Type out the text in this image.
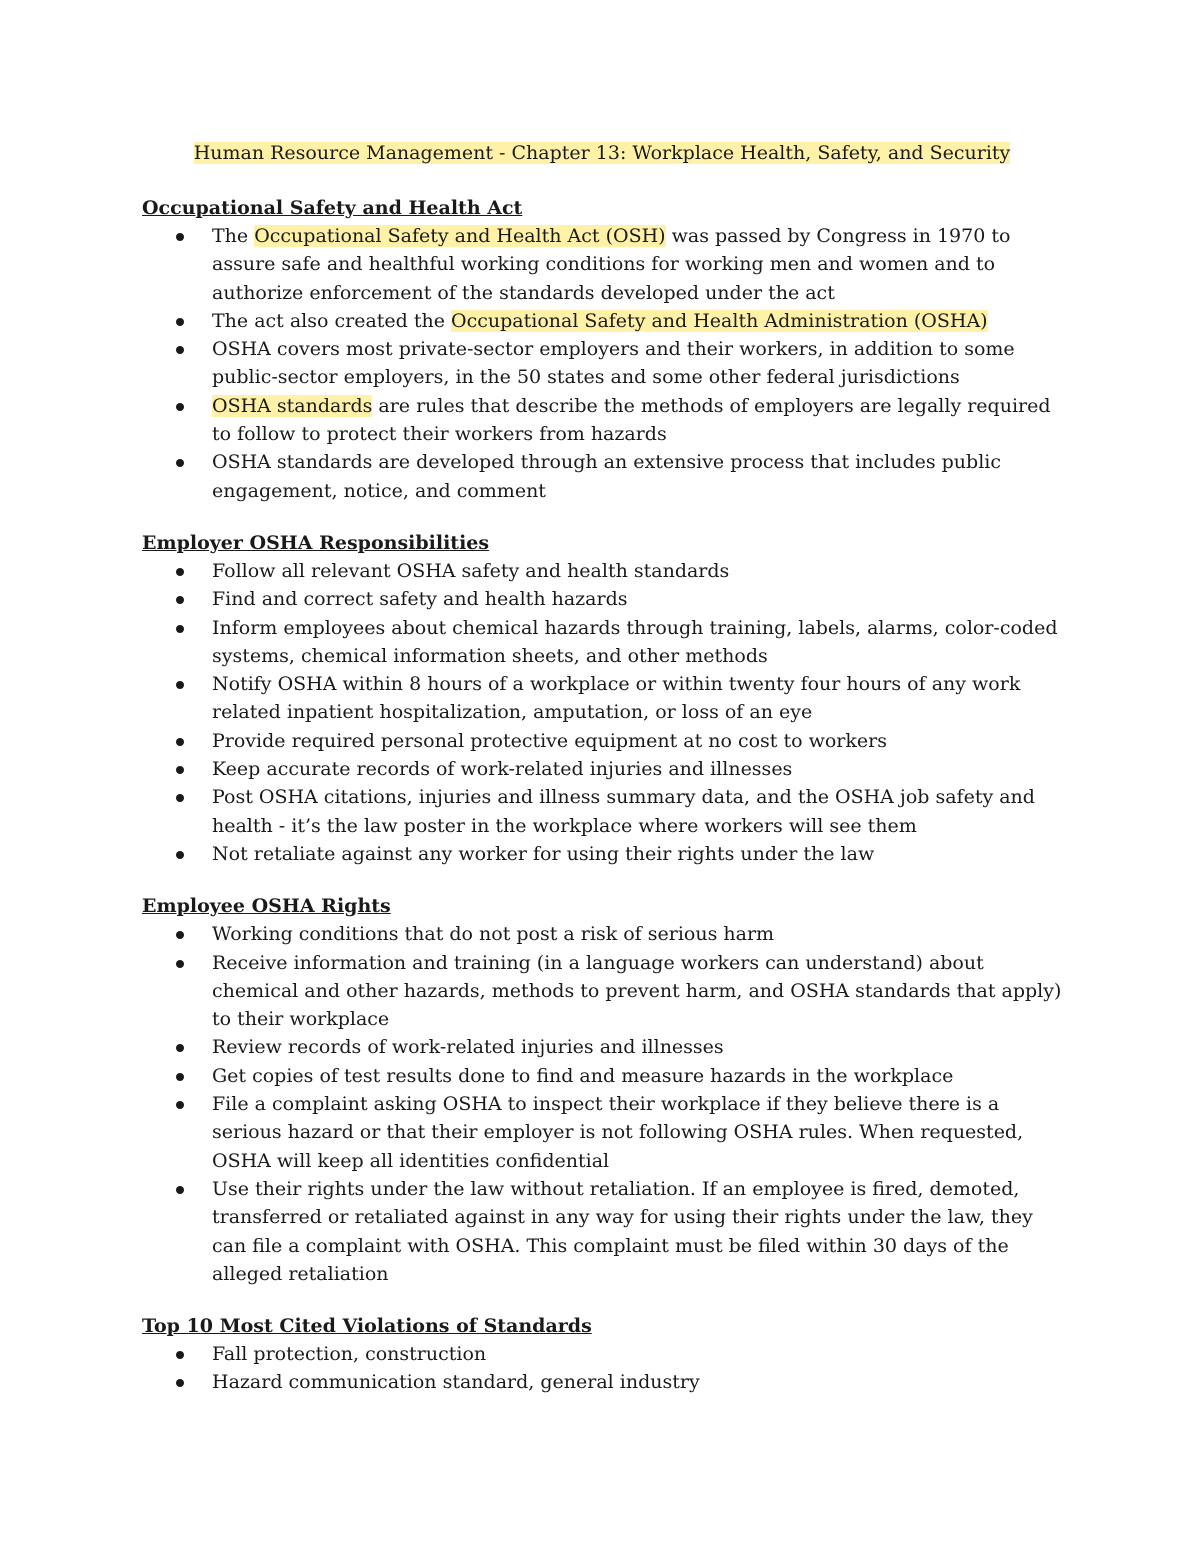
Human Resource Management - Chapter 13: Workplace Health, Safety, and Security

Occupational Safety and Health Act

The Occupational Safety and Health Act (OSH) was passed by Congress in 1970 to assure safe and healthful working conditions for working men and women and to authorize enforcement of the standards developed under the act
The act also created the Occupational Safety and Health Administration (OSHA)
OSHA covers most private-sector employers and their workers, in addition to some public-sector employers, in the 50 states and some other federal jurisdictions
OSHA standards are rules that describe the methods of employers are legally required to follow to protect their workers from hazards
OSHA standards are developed through an extensive process that includes public engagement, notice, and comment

Employer OSHA Responsibilities

Follow all relevant OSHA safety and health standards
Find and correct safety and health hazards
Inform employees about chemical hazards through training, labels, alarms, color-coded systems, chemical information sheets, and other methods
Notify OSHA within 8 hours of a workplace or within twenty four hours of any work related inpatient hospitalization, amputation, or loss of an eye
Provide required personal protective equipment at no cost to workers
Keep accurate records of work-related injuries and illnesses
Post OSHA citations, injuries and illness summary data, and the OSHA job safety and health - it’s the law poster in the workplace where workers will see them
Not retaliate against any worker for using their rights under the law

Employee OSHA Rights

Working conditions that do not post a risk of serious harm
Receive information and training (in a language workers can understand) about chemical and other hazards, methods to prevent harm, and OSHA standards that apply) to their workplace
Review records of work-related injuries and illnesses
Get copies of test results done to find and measure hazards in the workplace
File a complaint asking OSHA to inspect their workplace if they believe there is a serious hazard or that their employer is not following OSHA rules. When requested, OSHA will keep all identities confidential
Use their rights under the law without retaliation. If an employee is fired, demoted, transferred or retaliated against in any way for using their rights under the law, they can file a complaint with OSHA. This complaint must be filed within 30 days of the alleged retaliation

Top 10 Most Cited Violations of Standards

Fall protection, construction
Hazard communication standard, general industry
